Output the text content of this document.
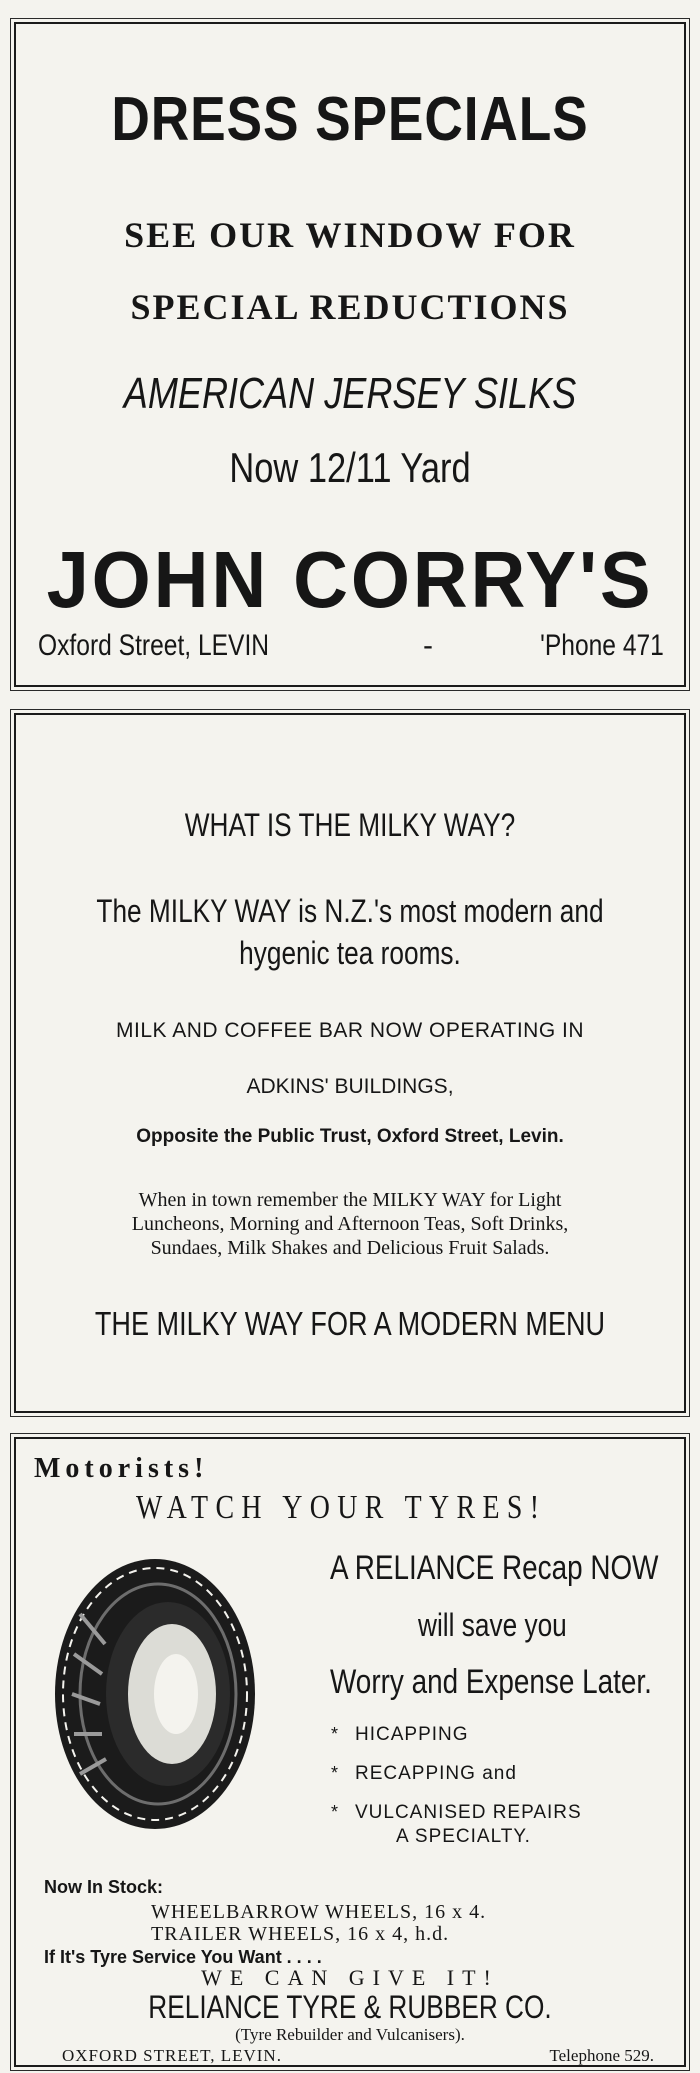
DRESS SPECIALS
SEE OUR WINDOW FOR
SPECIAL REDUCTIONS
AMERICAN JERSEY SILKS
Now 12/11 Yard
JOHN CORRY'S
Oxford Street, LEVIN	-	'Phone 471
WHAT IS THE MILKY WAY?
The MILKY WAY is N.Z.'s most modern and
hygenic tea rooms.
MILK AND COFFEE BAR NOW OPERATING IN
ADKINS' BUILDINGS,
Opposite the Public Trust, Oxford Street, Levin.
When in town remember the MILKY WAY for Light
Luncheons, Morning and Afternoon Teas, Soft Drinks,
Sundaes, Milk Shakes and Delicious Fruit Salads.
THE MILKY WAY FOR A MODERN MENU
Motorists!
WATCH YOUR TYRES!
A RELIANCE Recap NOW
will save you
Worry and Expense Later.
* HICAPPING
* RECAPPING and
* VULCANISED REPAIRS
A SPECIALTY.
Now In Stock:
WHEELBARROW WHEELS, 16 x 4.
TRAILER WHEELS, 16 x 4, h.d.
If It's Tyre Service You Want . . . .
WE CAN GIVE IT!
RELIANCE TYRE & RUBBER CO.
(Tyre Rebuilder and Vulcanisers).
OXFORD STREET, LEVIN.	Telephone 529.
